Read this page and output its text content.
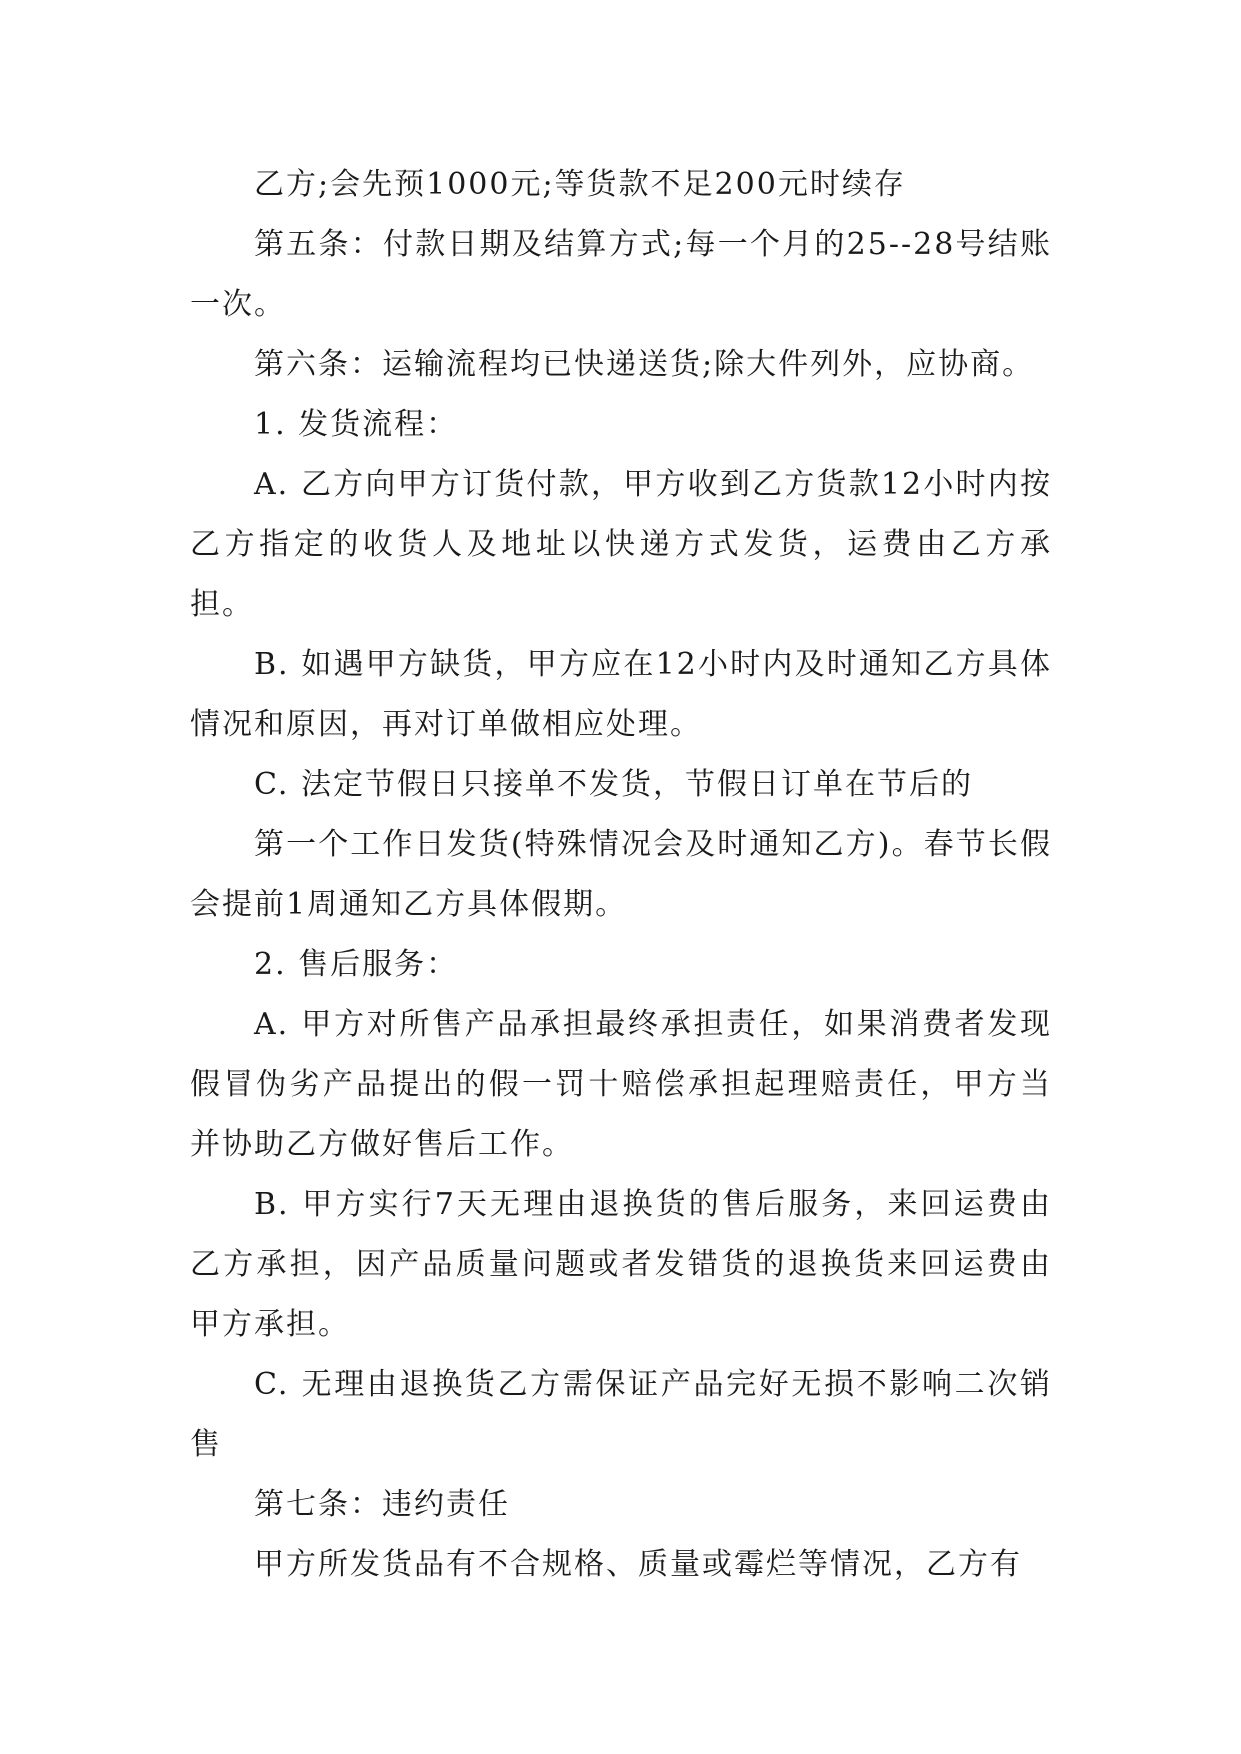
乙方;会先预1000元;等货款不足200元时续存

第五条：付款日期及结算方式;每一个月的25--28号结账一次。

第六条：运输流程均已快递送货;除大件列外，应协商。

1. 发货流程：

A. 乙方向甲方订货付款，甲方收到乙方货款12小时内按乙方指定的收货人及地址以快递方式发货，运费由乙方承担。

B. 如遇甲方缺货，甲方应在12小时内及时通知乙方具体情况和原因，再对订单做相应处理。

C. 法定节假日只接单不发货，节假日订单在节后的

第一个工作日发货(特殊情况会及时通知乙方)。春节长假会提前1周通知乙方具体假期。

2. 售后服务：

A. 甲方对所售产品承担最终承担责任，如果消费者发现假冒伪劣产品提出的假一罚十赔偿承担起理赔责任，甲方当并协助乙方做好售后工作。

B. 甲方实行7天无理由退换货的售后服务，来回运费由乙方承担，因产品质量问题或者发错货的退换货来回运费由甲方承担。

C. 无理由退换货乙方需保证产品完好无损不影响二次销售

第七条：违约责任

甲方所发货品有不合规格、质量或霉烂等情况，乙方有
